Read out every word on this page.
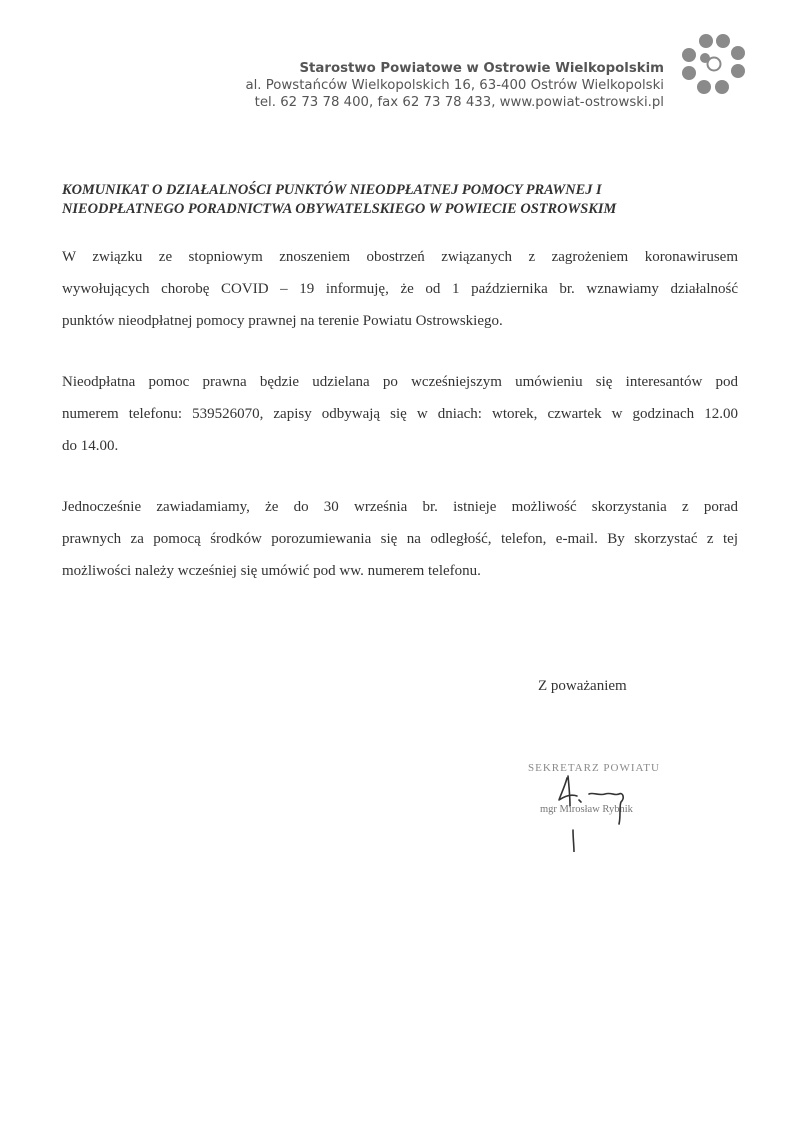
Starostwo Powiatowe w Ostrowie Wielkopolskim
al. Powstańców Wielkopolskich 16, 63-400 Ostrów Wielkopolski
tel. 62 73 78 400, fax 62 73 78 433, www.powiat-ostrowski.pl
KOMUNIKAT O DZIAŁALNOŚCI PUNKTÓW NIEODPŁATNEJ POMOCY PRAWNEJ I
NIEODPŁATNEGO PORADNICTWA OBYWATELSKIEGO W POWIECIE OSTROWSKIM
W związku ze stopniowym znoszeniem obostrzeń związanych z zagrożeniem koronawirusem
wywołujących chorobę COVID – 19 informuję, że od 1 października br. wznawiamy działalność
punktów nieodpłatnej pomocy prawnej na terenie Powiatu Ostrowskiego.
Nieodpłatna pomoc prawna będzie udzielana po wcześniejszym umówieniu się interesantów pod
numerem telefonu: 539526070, zapisy odbywają się w dniach: wtorek, czwartek w godzinach 12.00
do 14.00.
Jednocześnie zawiadamiamy, że do 30 września br. istnieje możliwość skorzystania z porad
prawnych za pomocą środków porozumiewania się na odległość, telefon, e-mail. By skorzystać z tej
możliwości należy wcześniej się umówić pod ww. numerem telefonu.
Z poważaniem
SEKRETARZ POWIATU
mgr Mirosław Rybnik
